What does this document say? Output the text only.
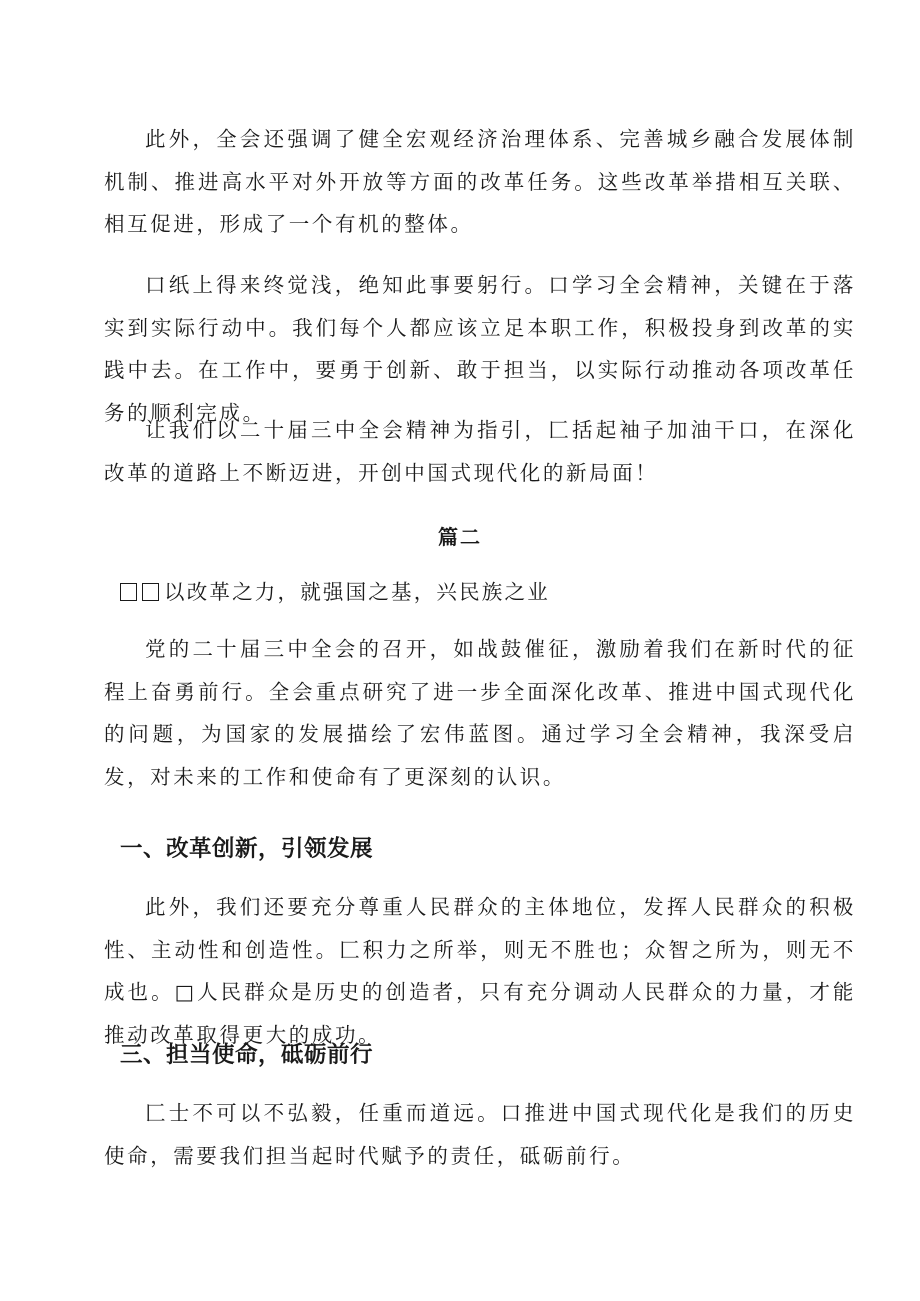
此外，全会还强调了健全宏观经济治理体系、完善城乡融合发展体制机制、推进高水平对外开放等方面的改革任务。这些改革举措相互关联、相互促进，形成了一个有机的整体。

口纸上得来终觉浅，绝知此事要躬行。口学习全会精神，关键在于落实到实际行动中。我们每个人都应该立足本职工作，积极投身到改革的实践中去。在工作中，要勇于创新、敢于担当，以实际行动推动各项改革任务的顺利完成。

让我们以二十届三中全会精神为指引，匚括起袖子加油干口，在深化改革的道路上不断迈进，开创中国式现代化的新局面！

篇二

以改革之力，就强国之基，兴民族之业

党的二十届三中全会的召开，如战鼓催征，激励着我们在新时代的征程上奋勇前行。全会重点研究了进一步全面深化改革、推进中国式现代化的问题，为国家的发展描绘了宏伟蓝图。通过学习全会精神，我深受启发，对未来的工作和使命有了更深刻的认识。

一、改革创新，引领发展

此外，我们还要充分尊重人民群众的主体地位，发挥人民群众的积极性、主动性和创造性。匚积力之所举，则无不胜也；众智之所为，则无不成也。□人民群众是历史的创造者，只有充分调动人民群众的力量，才能推动改革取得更大的成功。

三、担当使命，砥砺前行

匚士不可以不弘毅，任重而道远。口推进中国式现代化是我们的历史使命，需要我们担当起时代赋予的责任，砥砺前行。
